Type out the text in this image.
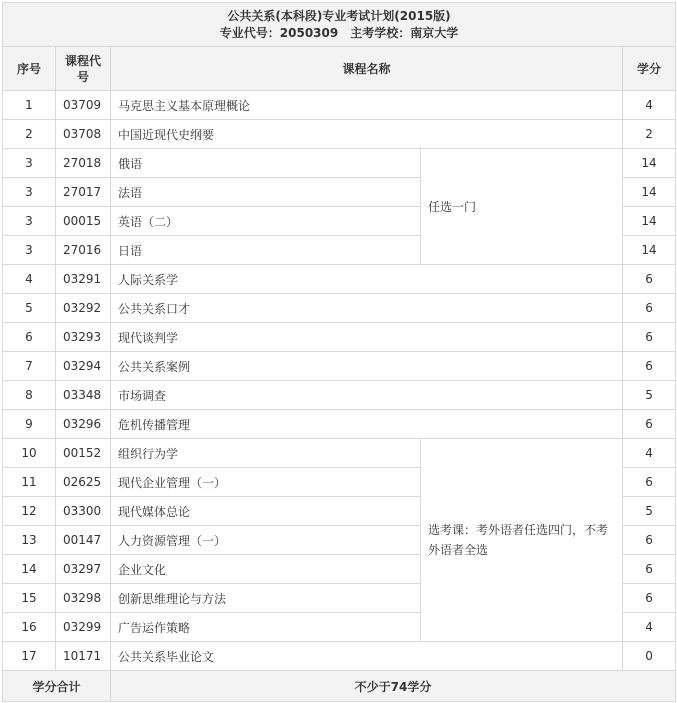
公共关系(本科段)专业考试计划(2015版)
专业代号：2050309　主考学校：南京大学				

序号	课程代号	课程名称		学分
1	03709	马克思主义基本原理概论		4
2	03708	中国近现代史纲要		2
3	27018	俄语	任选一门	14
3	27017	法语		14
3	00015	英语（二）		14
3	27016	日语		14
4	03291	人际关系学		6
5	03292	公共关系口才		6
6	03293	现代谈判学		6
7	03294	公共关系案例		6
8	03348	市场调查		5
9	03296	危机传播管理		6
10	00152	组织行为学	选考课：考外语者任选四门，不考外语者全选	4
11	02625	现代企业管理（一）		6
12	03300	现代媒体总论		5
13	00147	人力资源管理（一）		6
14	03297	企业文化		6
15	03298	创新思维理论与方法		6
16	03299	广告运作策略		4
17	10171	公共关系毕业论文		0
学分合计		不少于74学分		
